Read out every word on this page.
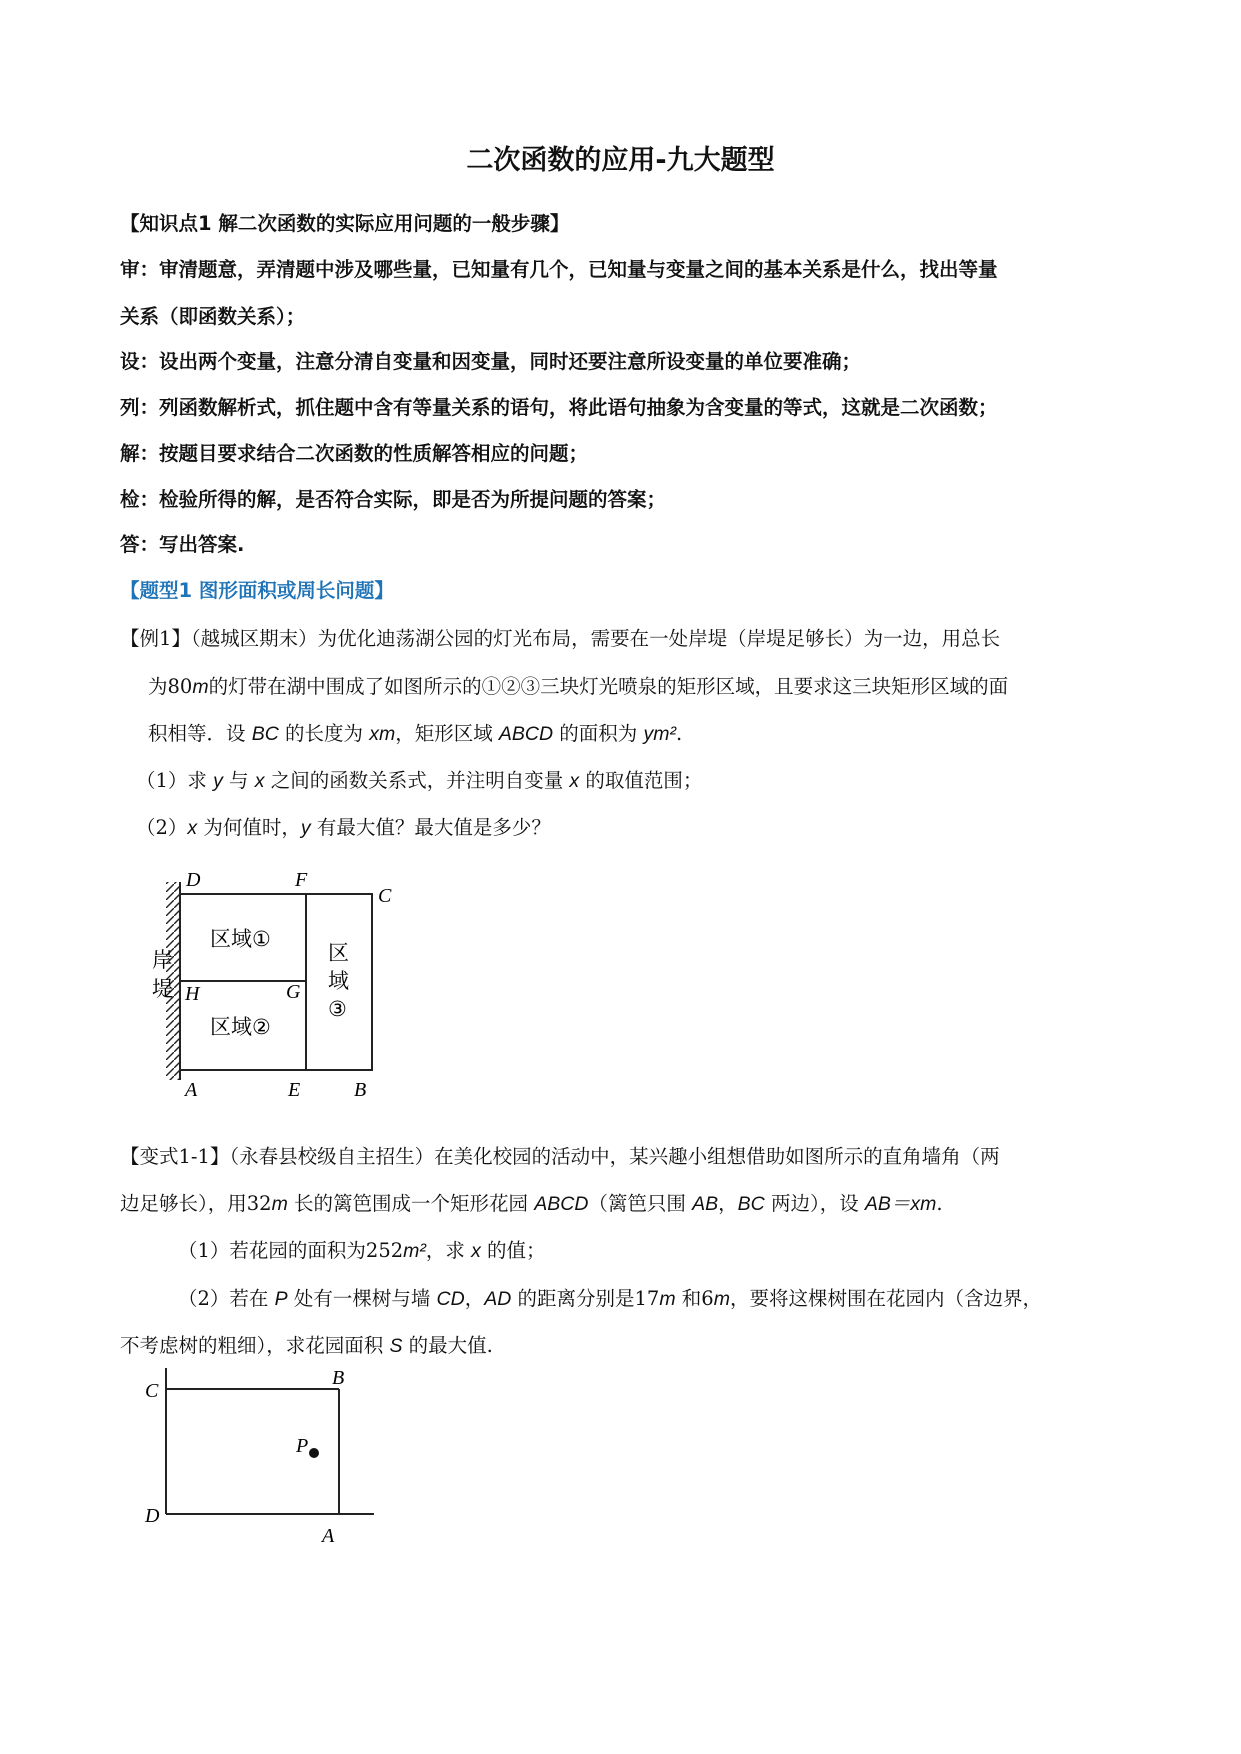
二次函数的应用-九大题型
【知识点1 解二次函数的实际应用问题的一般步骤】
审：审清题意，弄清题中涉及哪些量，已知量有几个，已知量与变量之间的基本关系是什么，找出等量
关系（即函数关系）；
设：设出两个变量，注意分清自变量和因变量，同时还要注意所设变量的单位要准确；
列：列函数解析式，抓住题中含有等量关系的语句，将此语句抽象为含变量的等式，这就是二次函数；
解：按题目要求结合二次函数的性质解答相应的问题；
检：检验所得的解，是否符合实际，即是否为所提问题的答案；
答：写出答案.
【题型1 图形面积或周长问题】
【例1】（越城区期末）为优化迪荡湖公园的灯光布局，需要在一处岸堤（岸堤足够长）为一边，用总长
为80m的灯带在湖中围成了如图所示的①②③三块灯光喷泉的矩形区域，且要求这三块矩形区域的面
积相等．设 BC 的长度为 xm，矩形区域 ABCD 的面积为 ym².
（1）求 y 与 x 之间的函数关系式，并注明自变量 x 的取值范围；
（2）x 为何值时，y 有最大值？最大值是多少？
D	F
C
H	G
A	E	B
岸
堤
区域①
区域②
区
域
③
【变式1-1】（永春县校级自主招生）在美化校园的活动中，某兴趣小组想借助如图所示的直角墙角（两
边足够长），用32m 长的篱笆围成一个矩形花园 ABCD（篱笆只围 AB，BC 两边），设 AB＝xm.
（1）若花园的面积为252m²，求 x 的值；
（2）若在 P 处有一棵树与墙 CD，AD 的距离分别是17m 和6m，要将这棵树围在花园内（含边界，
不考虑树的粗细），求花园面积 S 的最大值.
C
B
P
D
A
